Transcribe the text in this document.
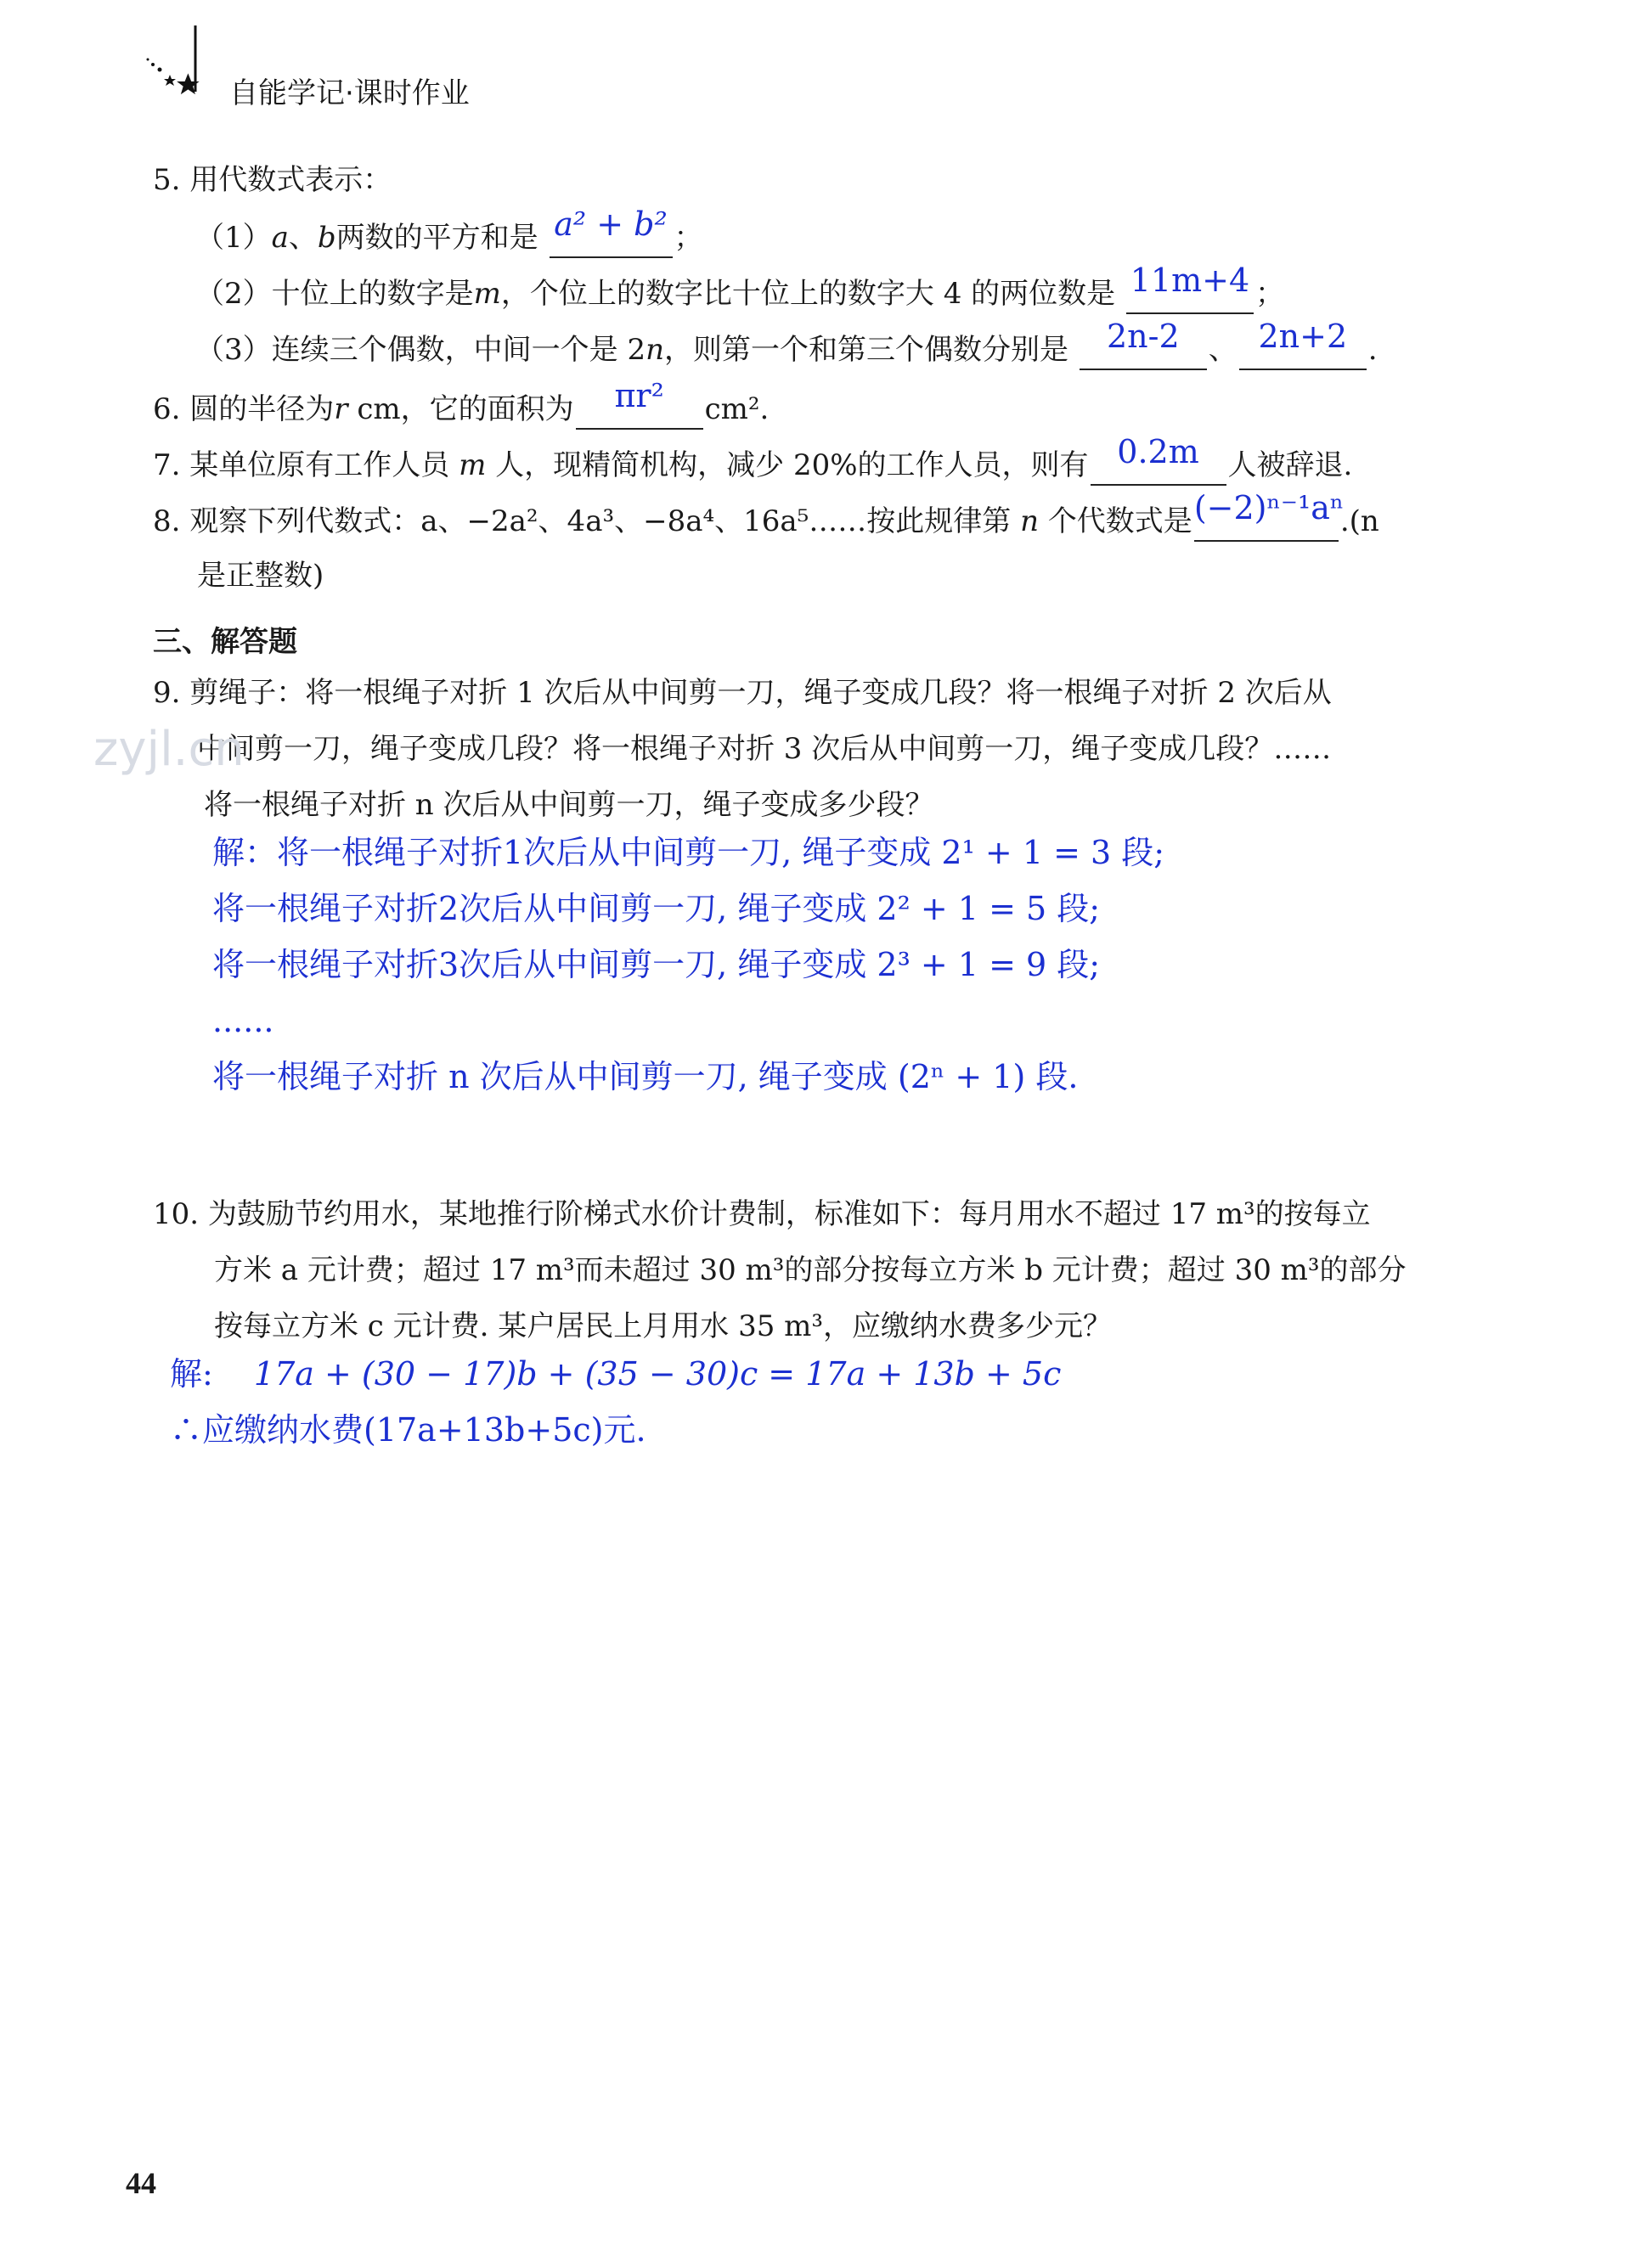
自能学记·课时作业
5. 用代数式表示：
（1）a、b两数的平方和是 a² + b² ；
（2）十位上的数字是m，个位上的数字比十位上的数字大 4 的两位数是 11m+4 ；
（3）连续三个偶数，中间一个是 2n，则第一个和第三个偶数分别是 2n-2 、 2n+2 .
6. 圆的半径为r cm，它的面积为 πr² cm².
7. 某单位原有工作人员 m 人，现精简机构，减少 20%的工作人员，则有 0.2m 人被辞退.
8. 观察下列代数式：a、−2a²、4a³、−8a⁴、16a⁵……按此规律第 n 个代数式是(−2)ⁿ⁻¹aⁿ.(n
是正整数)
三、解答题
9. 剪绳子：将一根绳子对折 1 次后从中间剪一刀，绳子变成几段？将一根绳子对折 2 次后从
中间剪一刀，绳子变成几段？将一根绳子对折 3 次后从中间剪一刀，绳子变成几段？……
将一根绳子对折 n 次后从中间剪一刀，绳子变成多少段？
zyjl.cn
解：将一根绳子对折1次后从中间剪一刀, 绳子变成 2¹ + 1 = 3 段;
将一根绳子对折2次后从中间剪一刀, 绳子变成 2² + 1 = 5 段;
将一根绳子对折3次后从中间剪一刀, 绳子变成 2³ + 1 = 9 段;
......
将一根绳子对折 n 次后从中间剪一刀, 绳子变成 (2ⁿ + 1) 段.
10. 为鼓励节约用水，某地推行阶梯式水价计费制，标准如下：每月用水不超过 17 m³的按每立
方米 a 元计费；超过 17 m³而未超过 30 m³的部分按每立方米 b 元计费；超过 30 m³的部分
按每立方米 c 元计费. 某户居民上月用水 35 m³，应缴纳水费多少元？
解: 17a + (30 − 17)b + (35 − 30)c = 17a + 13b + 5c
∴应缴纳水费(17a+13b+5c)元.
44
